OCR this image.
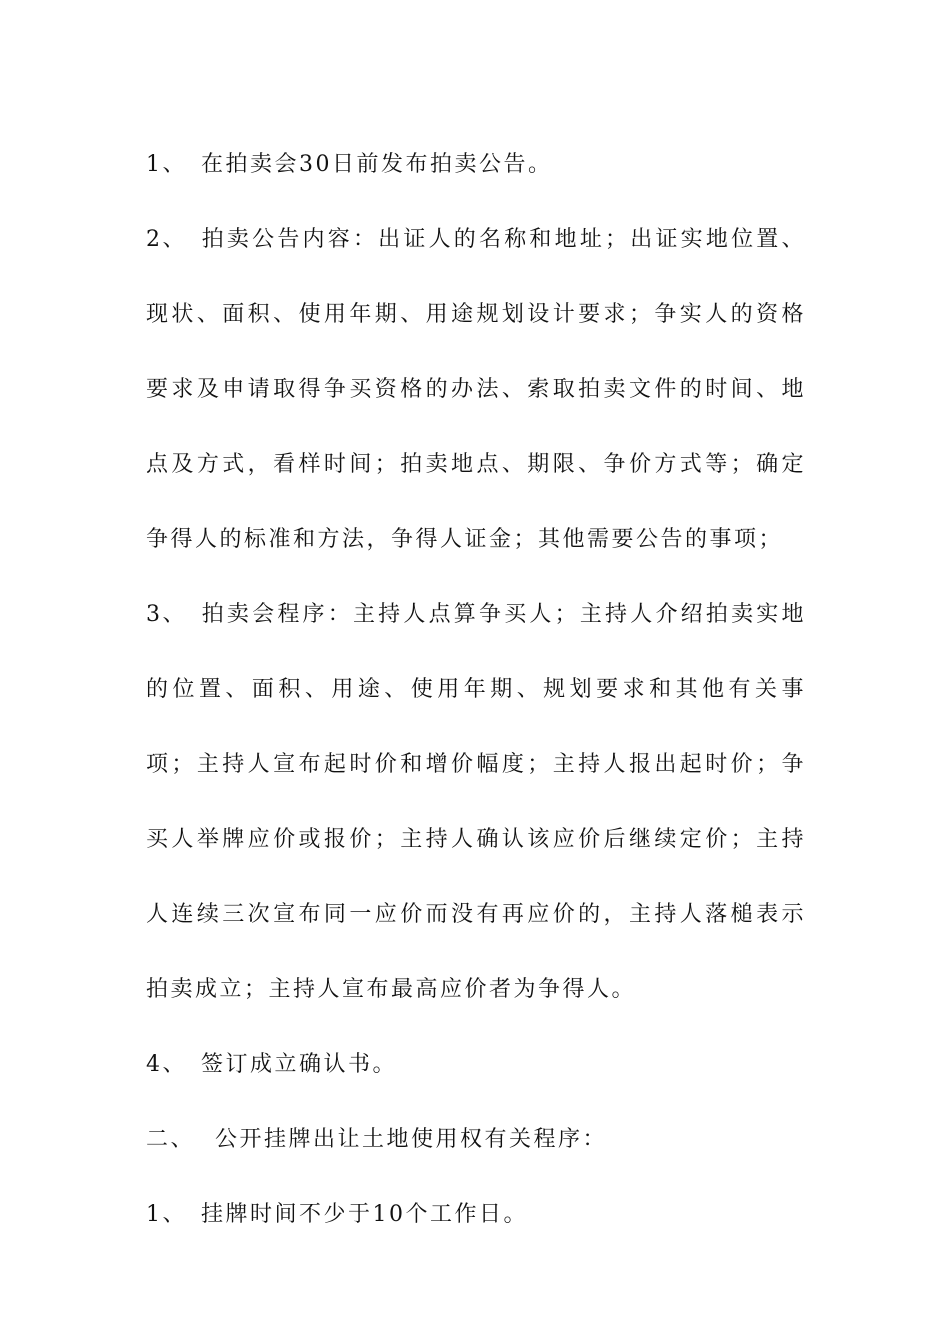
1、 在拍卖会30日前发布拍卖公告。

2、 拍卖公告内容：出证人的名称和地址；出证实地位置、现状、面积、使用年期、用途规划设计要求；争实人的资格要求及申请取得争买资格的办法、索取拍卖文件的时间、地点及方式，看样时间；拍卖地点、期限、争价方式等；确定争得人的标准和方法，争得人证金；其他需要公告的事项；

3、 拍卖会程序：主持人点算争买人；主持人介绍拍卖实地的位置、面积、用途、使用年期、规划要求和其他有关事项；主持人宣布起时价和增价幅度；主持人报出起时价；争买人举牌应价或报价；主持人确认该应价后继续定价；主持人连续三次宣布同一应价而没有再应价的，主持人落槌表示拍卖成立；主持人宣布最高应价者为争得人。

4、 签订成立确认书。

二、 公开挂牌出让土地使用权有关程序：

1、 挂牌时间不少于10个工作日。
